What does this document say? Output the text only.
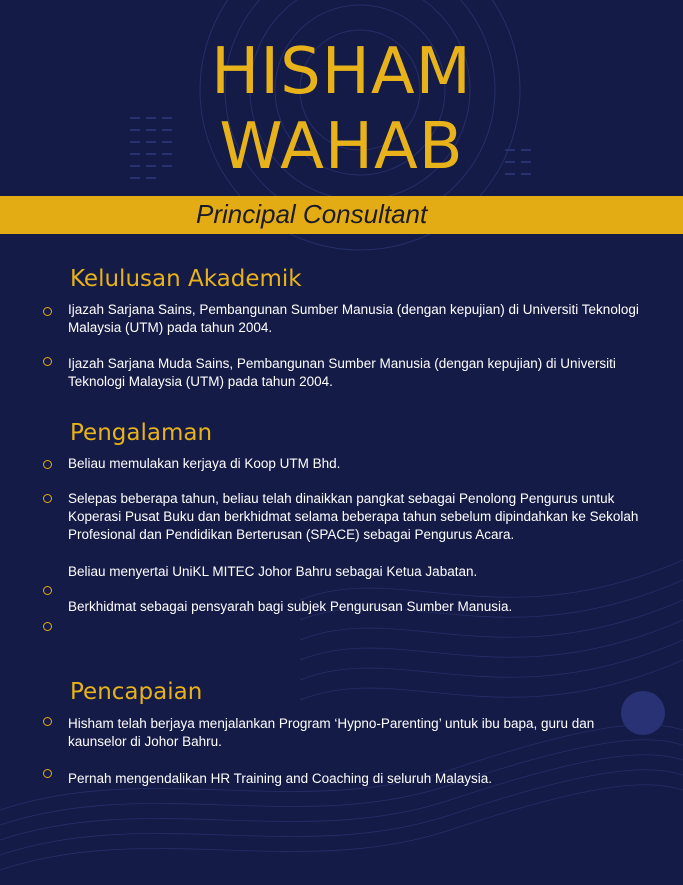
HISHAM
WAHAB
Principal Consultant
Kelulusan Akademik
Ijazah Sarjana Sains, Pembangunan Sumber Manusia (dengan kepujian) di Universiti Teknologi Malaysia (UTM) pada tahun 2004.
Ijazah Sarjana Muda Sains, Pembangunan Sumber Manusia (dengan kepujian) di Universiti Teknologi Malaysia (UTM) pada tahun 2004.
Pengalaman
Beliau memulakan kerjaya di Koop UTM Bhd.
Selepas beberapa tahun, beliau telah dinaikkan pangkat sebagai Penolong Pengurus untuk Koperasi Pusat Buku dan berkhidmat selama beberapa tahun sebelum dipindahkan ke Sekolah Profesional dan Pendidikan Berterusan (SPACE) sebagai Pengurus Acara.
Beliau menyertai UniKL MITEC Johor Bahru sebagai Ketua Jabatan.
Berkhidmat sebagai pensyarah bagi subjek Pengurusan Sumber Manusia.
Pencapaian
Hisham telah berjaya menjalankan Program ‘Hypno-Parenting’ untuk ibu bapa, guru dan kaunselor di Johor Bahru.
Pernah mengendalikan HR Training and Coaching di seluruh Malaysia.
